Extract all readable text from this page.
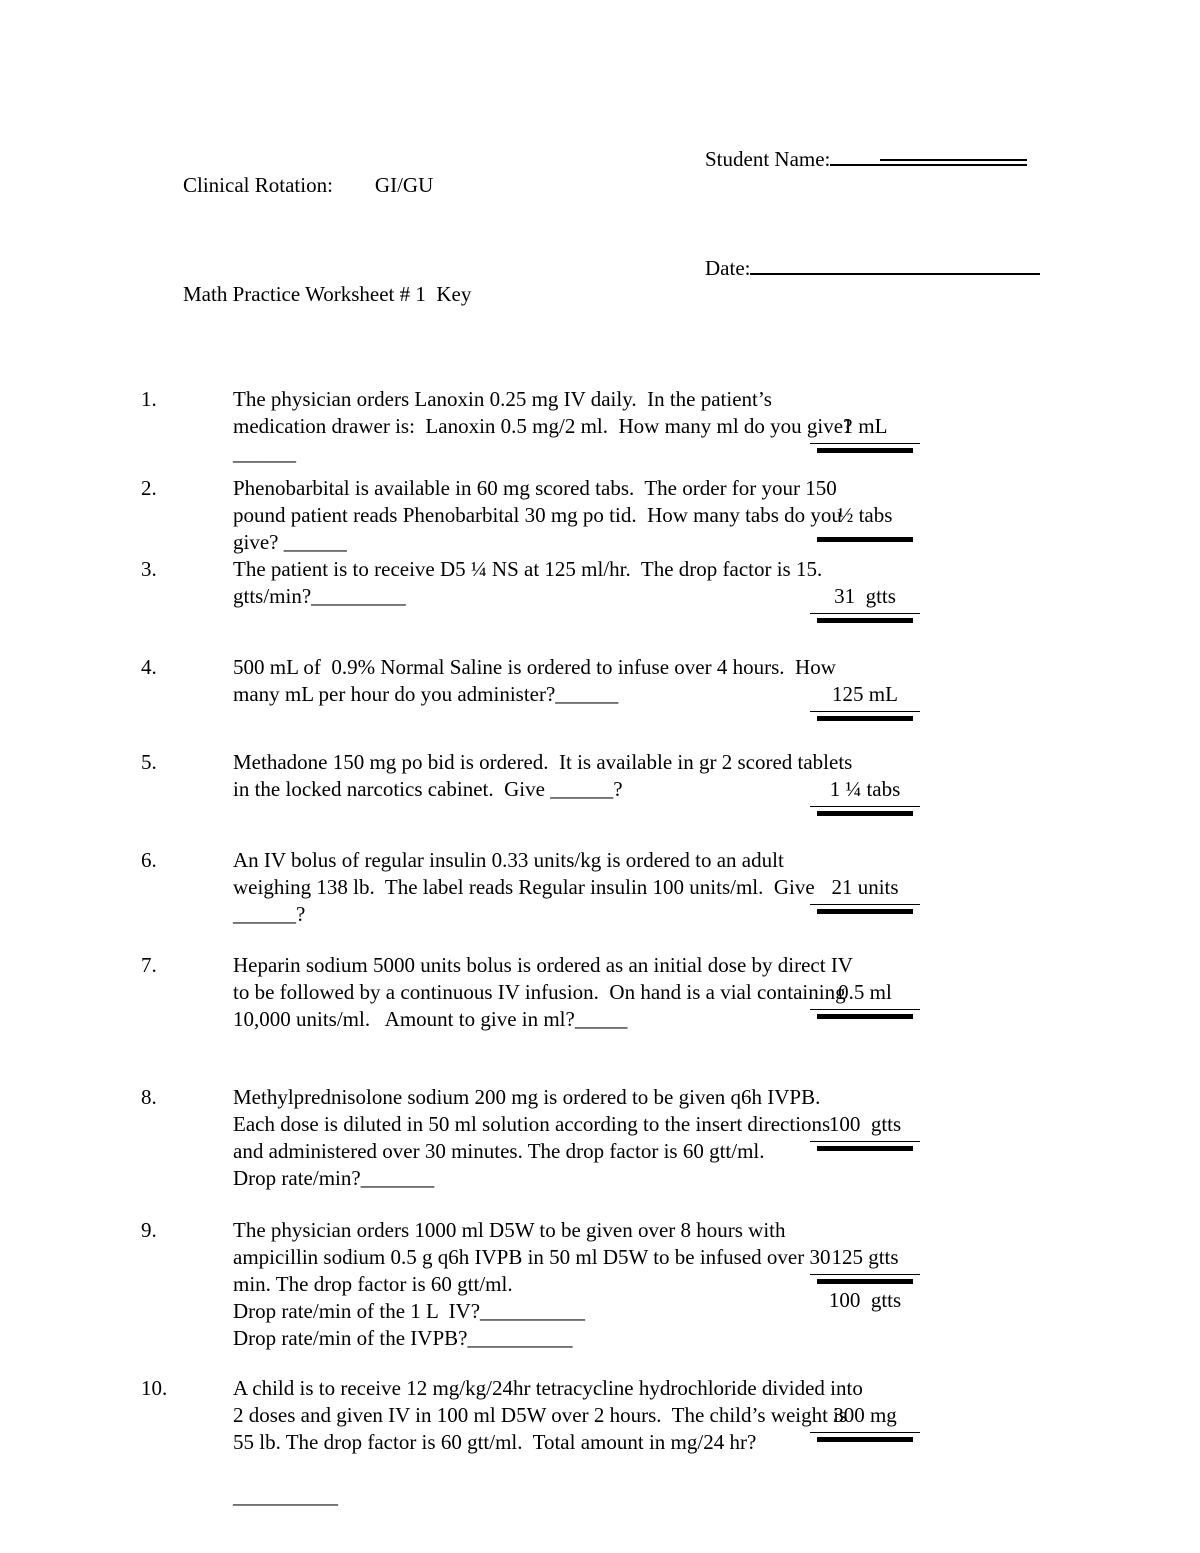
Clinical Rotation: GI/GU

Student Name:

Math Practice Worksheet # 1  Key

Date:
1.	The physician orders Lanoxin 0.25 mg IV daily.  In the patient’s
medication drawer is:  Lanoxin 0.5 mg/2 ml.  How many ml do you give?
______
1 mL
2.	Phenobarbital is available in 60 mg scored tabs.  The order for your 150
pound patient reads Phenobarbital 30 mg po tid.  How many tabs do you
give? ______
½ tabs
3.	The patient is to receive D5 ¼ NS at 125 ml/hr.  The drop factor is 15.
gtts/min?_________	31  gtts
4.	500 mL of  0.9% Normal Saline is ordered to infuse over 4 hours.  How
many mL per hour do you administer?______	125 mL
5.	Methadone 150 mg po bid is ordered.  It is available in gr 2 scored tablets
in the locked narcotics cabinet.  Give ______?	1 ¼ tabs
6.	An IV bolus of regular insulin 0.33 units/kg is ordered to an adult
weighing 138 lb.  The label reads Regular insulin 100 units/ml.  Give
______?
21 units
7.	Heparin sodium 5000 units bolus is ordered as an initial dose by direct IV
to be followed by a continuous IV infusion.  On hand is a vial containing
10,000 units/ml.   Amount to give in ml?_____
0.5 ml
8.	Methylprednisolone sodium 200 mg is ordered to be given q6h IVPB.
Each dose is diluted in 50 ml solution according to the insert directions
and administered over 30 minutes. The drop factor is 60 gtt/ml.
Drop rate/min?_______
100  gtts
9.	The physician orders 1000 ml D5W to be given over 8 hours with
ampicillin sodium 0.5 g q6h IVPB in 50 ml D5W to be infused over 30
min. The drop factor is 60 gtt/ml.
Drop rate/min of the 1 L  IV?__________
Drop rate/min of the IVPB?__________
125 gtts
100  gtts
10.	A child is to receive 12 mg/kg/24hr tetracycline hydrochloride divided into
2 doses and given IV in 100 ml D5W over 2 hours.  The child’s weight is
55 lb. The drop factor is 60 gtt/ml.  Total amount in mg/24 hr?
__________
300 mg
